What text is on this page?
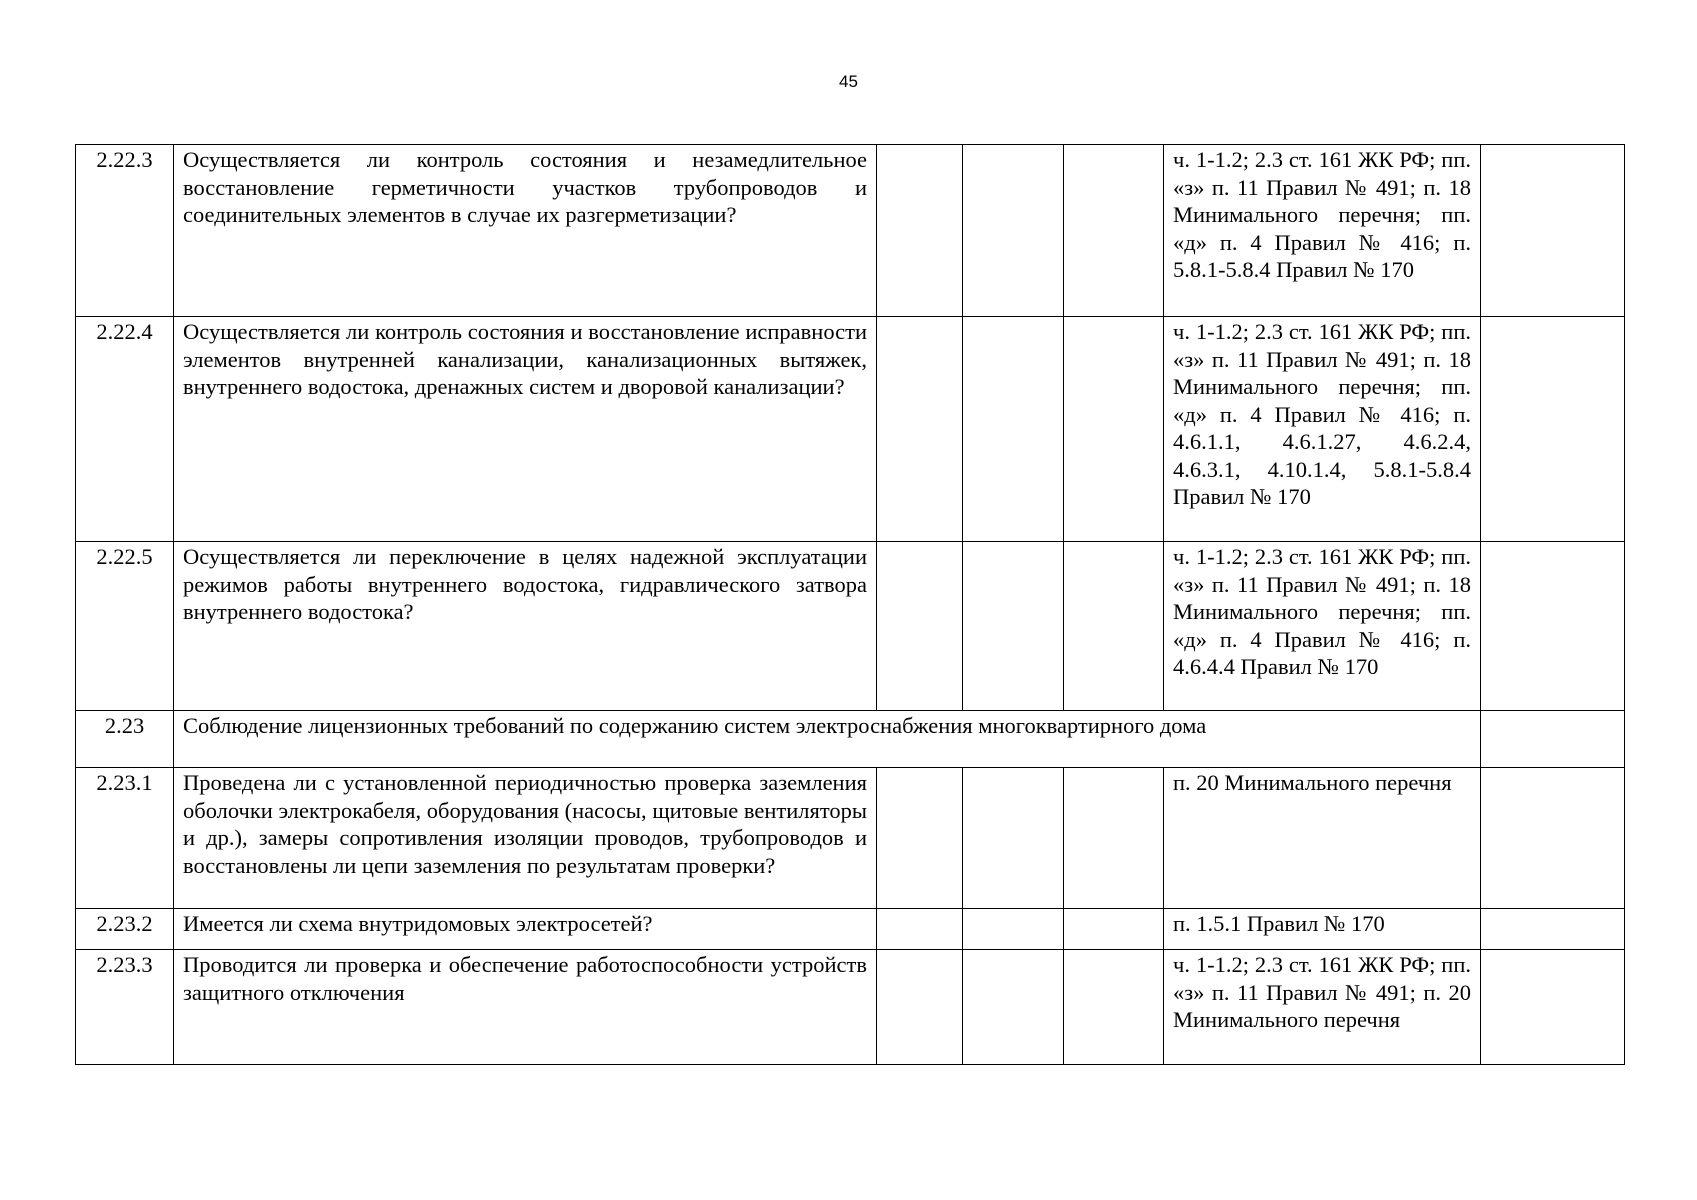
45
2.22.3	Осуществляется ли контроль состояния и незамедлительное восстановление герметичности участков трубопроводов и соединительных элементов в случае их разгерметизации?				ч. 1-1.2; 2.3 ст. 161 ЖК РФ; пп. «з» п. 11 Правил № 491; п. 18 Минимального перечня; пп. «д» п. 4 Правил № 416; п. 5.8.1-5.8.4 Правил № 170	
2.22.4	Осуществляется ли контроль состояния и восстановление исправности элементов внутренней канализации, канализационных вытяжек, внутреннего водостока, дренажных систем и дворовой канализации?				ч. 1-1.2; 2.3 ст. 161 ЖК РФ; пп. «з» п. 11 Правил № 491; п. 18 Минимального перечня; пп. «д» п. 4 Правил № 416; п. 4.6.1.1, 4.6.1.27, 4.6.2.4, 4.6.3.1, 4.10.1.4, 5.8.1-5.8.4 Правил № 170	
2.22.5	Осуществляется ли переключение в целях надежной эксплуатации режимов работы внутреннего водостока, гидравлического затвора внутреннего водостока?				ч. 1-1.2; 2.3 ст. 161 ЖК РФ; пп. «з» п. 11 Правил № 491; п. 18 Минимального перечня; пп. «д» п. 4 Правил № 416; п. 4.6.4.4 Правил № 170	
2.23	Соблюдение лицензионных требований по содержанию систем электроснабжения многоквартирного дома					
2.23.1	Проведена ли с установленной периодичностью проверка заземления оболочки электрокабеля, оборудования (насосы, щитовые вентиляторы и др.), замеры сопротивления изоляции проводов, трубопроводов и восстановлены ли цепи заземления по результатам проверки?				п. 20 Минимального перечня	
2.23.2	Имеется ли схема внутридомовых электросетей?				п. 1.5.1 Правил № 170	
2.23.3	Проводится ли проверка и обеспечение работоспособности устройств защитного отключения				ч. 1-1.2; 2.3 ст. 161 ЖК РФ; пп. «з» п. 11 Правил № 491; п. 20 Минимального перечня	
